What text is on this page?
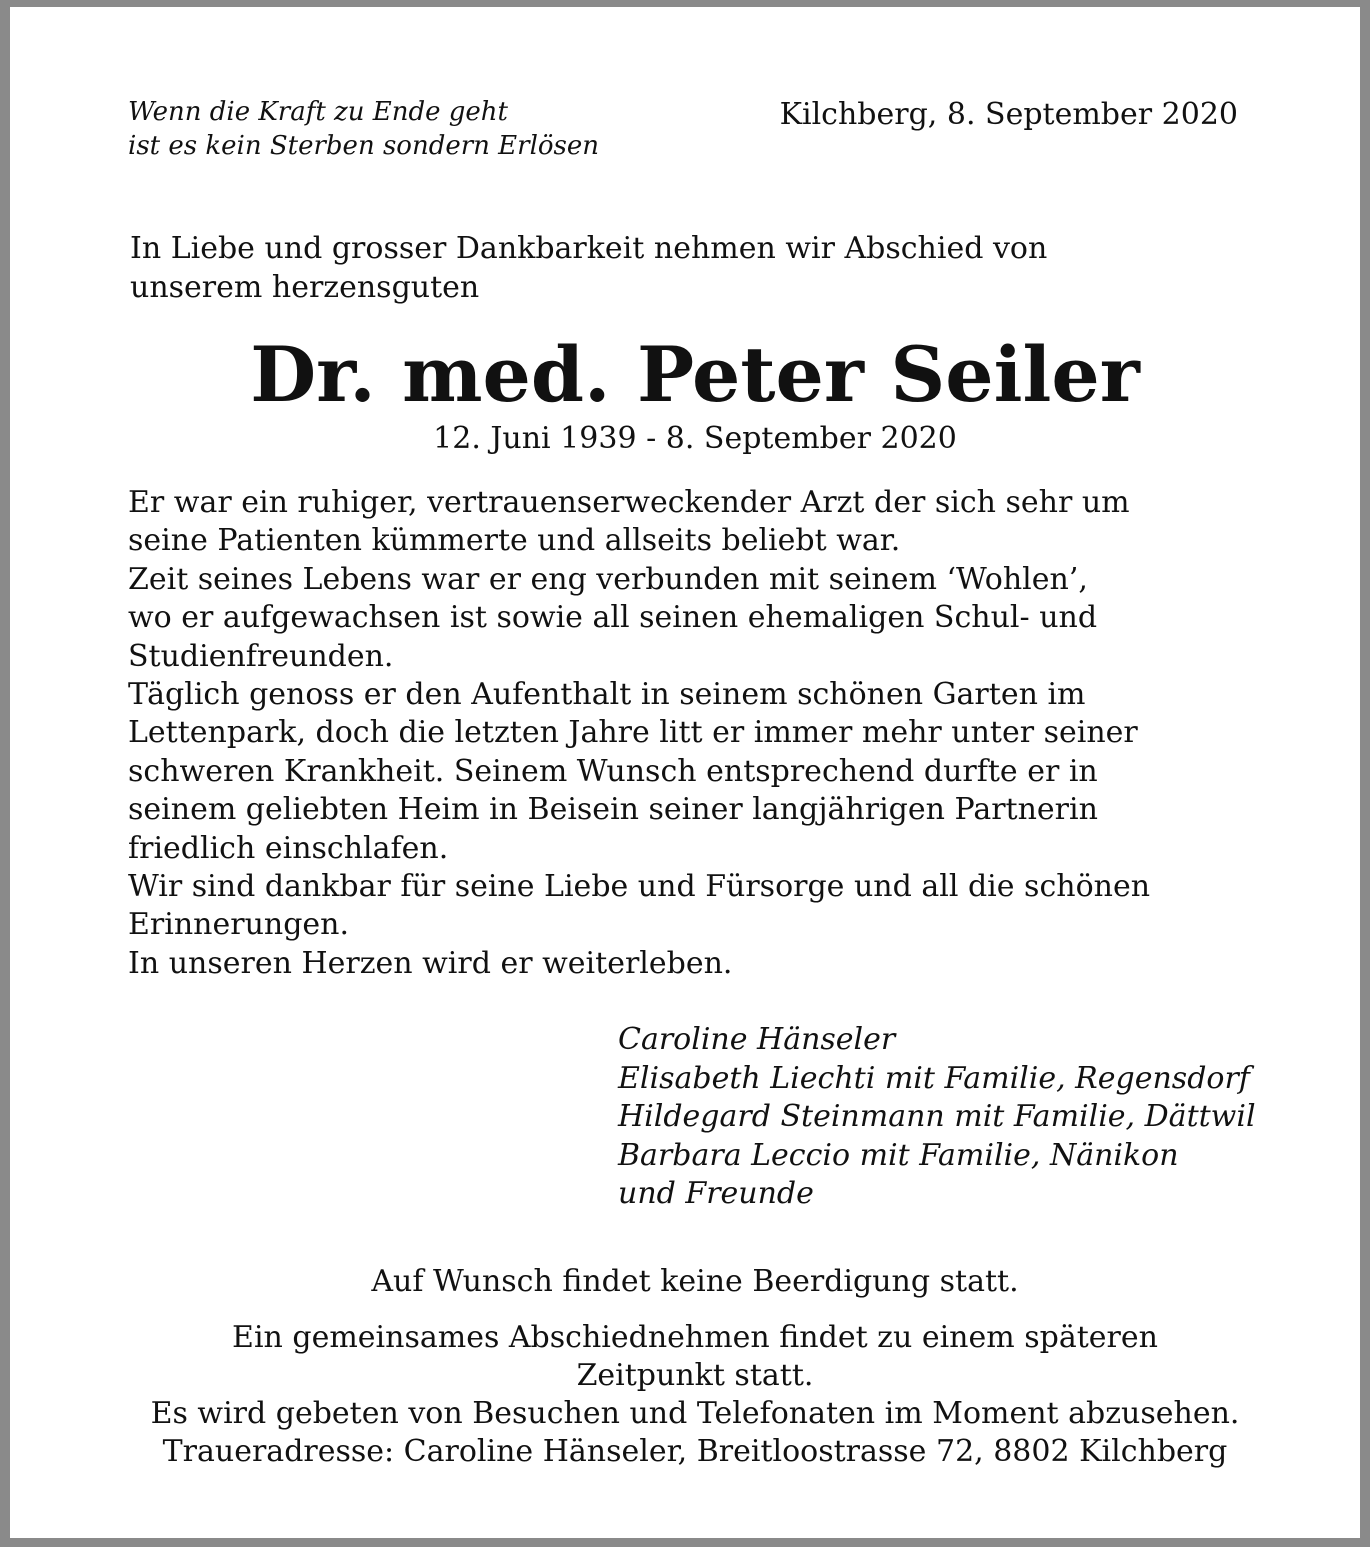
Wenn die Kraft zu Ende geht
ist es kein Sterben sondern Erlösen
Kilchberg, 8. September 2020
In Liebe und grosser Dankbarkeit nehmen wir Abschied von
unserem herzensguten
Dr. med. Peter Seiler
12. Juni 1939 - 8. September 2020
Er war ein ruhiger, vertrauenserweckender Arzt der sich sehr um
seine Patienten kümmerte und allseits beliebt war.
Zeit seines Lebens war er eng verbunden mit seinem ‘Wohlen’,
wo er aufgewachsen ist sowie all seinen ehemaligen Schul- und
Studienfreunden.
Täglich genoss er den Aufenthalt in seinem schönen Garten im
Lettenpark, doch die letzten Jahre litt er immer mehr unter seiner
schweren Krankheit. Seinem Wunsch entsprechend durfte er in
seinem geliebten Heim in Beisein seiner langjährigen Partnerin
friedlich einschlafen.
Wir sind dankbar für seine Liebe und Fürsorge und all die schönen
Erinnerungen.
In unseren Herzen wird er weiterleben.
Caroline Hänseler
Elisabeth Liechti mit Familie, Regensdorf
Hildegard Steinmann mit Familie, Dättwil
Barbara Leccio mit Familie, Nänikon
und Freunde
Auf Wunsch findet keine Beerdigung statt.
Ein gemeinsames Abschiednehmen findet zu einem späteren
Zeitpunkt statt.
Es wird gebeten von Besuchen und Telefonaten im Moment abzusehen.
Traueradresse: Caroline Hänseler, Breitloostrasse 72, 8802 Kilchberg
